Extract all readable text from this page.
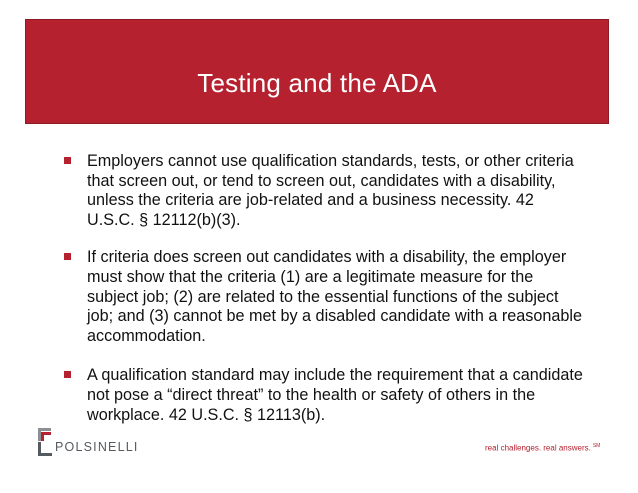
Testing and the ADA
Employers cannot use qualification standards, tests, or other criteria that screen out, or tend to screen out, candidates with a disability, unless the criteria are job-related and a business necessity. 42 U.S.C. § 12112(b)(3).
If criteria does screen out candidates with a disability, the employer must show that the criteria (1) are a legitimate measure for the subject job; (2) are related to the essential functions of the subject job; and (3) cannot be met by a disabled candidate with a reasonable accommodation.
A qualification standard may include the requirement that a candidate not pose a “direct threat” to the health or safety of others in the workplace. 42 U.S.C. § 12113(b).
POLSINELLI	real challenges. real answers. ℠
